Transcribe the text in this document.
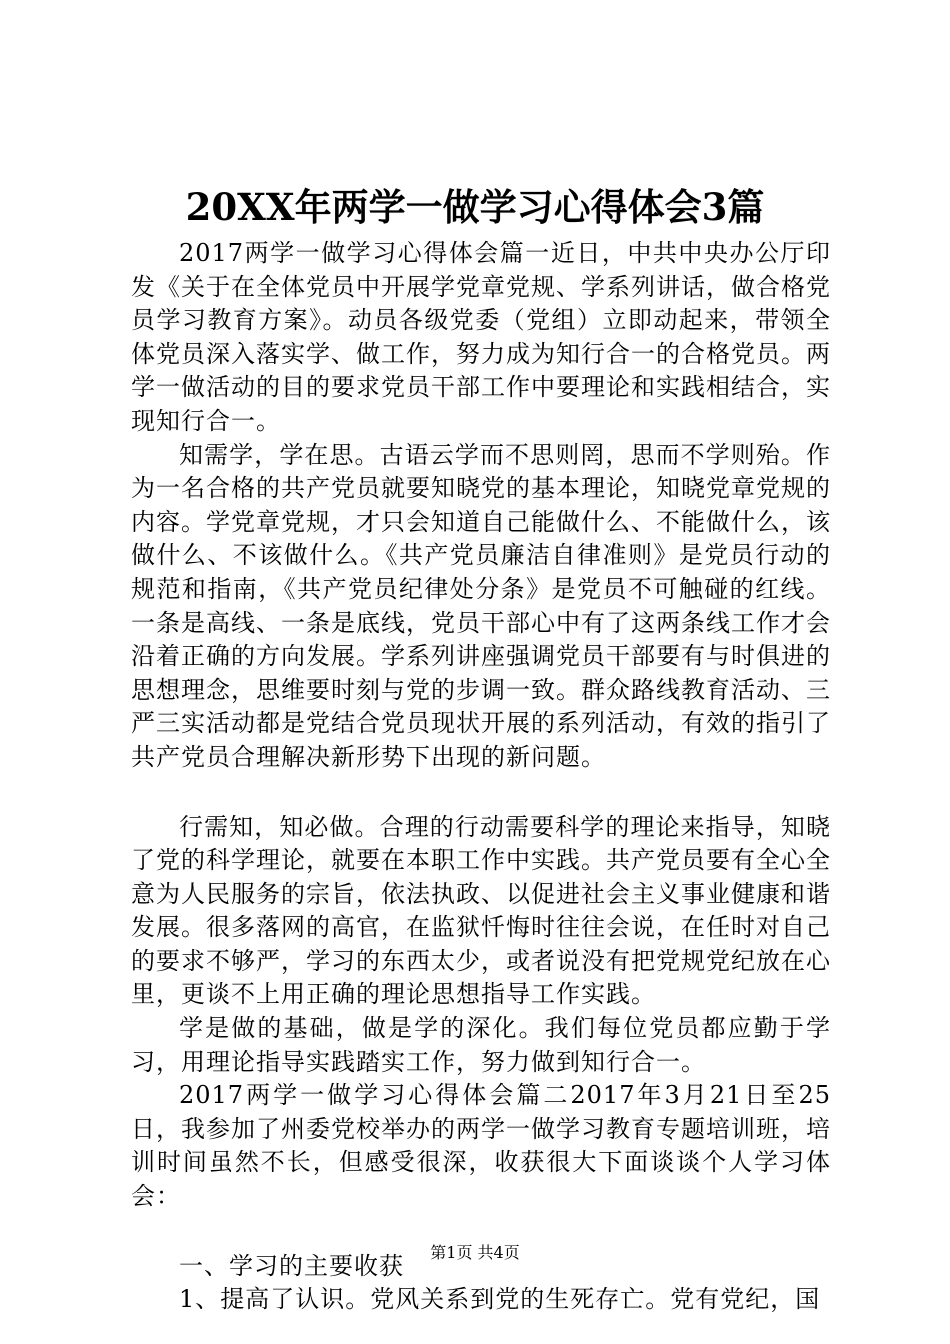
20XX年两学一做学习心得体会3篇

2017两学一做学习心得体会篇一近日，中共中央办公厅印发《关于在全体党员中开展学党章党规、学系列讲话，做合格党员学习教育方案》。动员各级党委（党组）立即动起来，带领全体党员深入落实学、做工作，努力成为知行合一的合格党员。两学一做活动的目的要求党员干部工作中要理论和实践相结合，实现知行合一。

知需学，学在思。古语云学而不思则罔，思而不学则殆。作为一名合格的共产党员就要知晓党的基本理论，知晓党章党规的内容。学党章党规，才只会知道自己能做什么、不能做什么，该做什么、不该做什么。《共产党员廉洁自律准则》是党员行动的规范和指南，《共产党员纪律处分条》是党员不可触碰的红线。一条是高线、一条是底线，党员干部心中有了这两条线工作才会沿着正确的方向发展。学系列讲座强调党员干部要有与时俱进的思想理念，思维要时刻与党的步调一致。群众路线教育活动、三严三实活动都是党结合党员现状开展的系列活动，有效的指引了共产党员合理解决新形势下出现的新问题。

行需知，知必做。合理的行动需要科学的理论来指导，知晓了党的科学理论，就要在本职工作中实践。共产党员要有全心全意为人民服务的宗旨，依法执政、以促进社会主义事业健康和谐发展。很多落网的高官，在监狱忏悔时往往会说，在任时对自己的要求不够严，学习的东西太少，或者说没有把党规党纪放在心里，更谈不上用正确的理论思想指导工作实践。

学是做的基础，做是学的深化。我们每位党员都应勤于学习，用理论指导实践踏实工作，努力做到知行合一。

2017两学一做学习心得体会篇二2017年3月21日至25日，我参加了州委党校举办的两学一做学习教育专题培训班，培训时间虽然不长，但感受很深，收获很大下面谈谈个人学习体会：

一、学习的主要收获

1、提高了认识。党风关系到党的生死存亡。党有党纪，国

第1页 共4页
